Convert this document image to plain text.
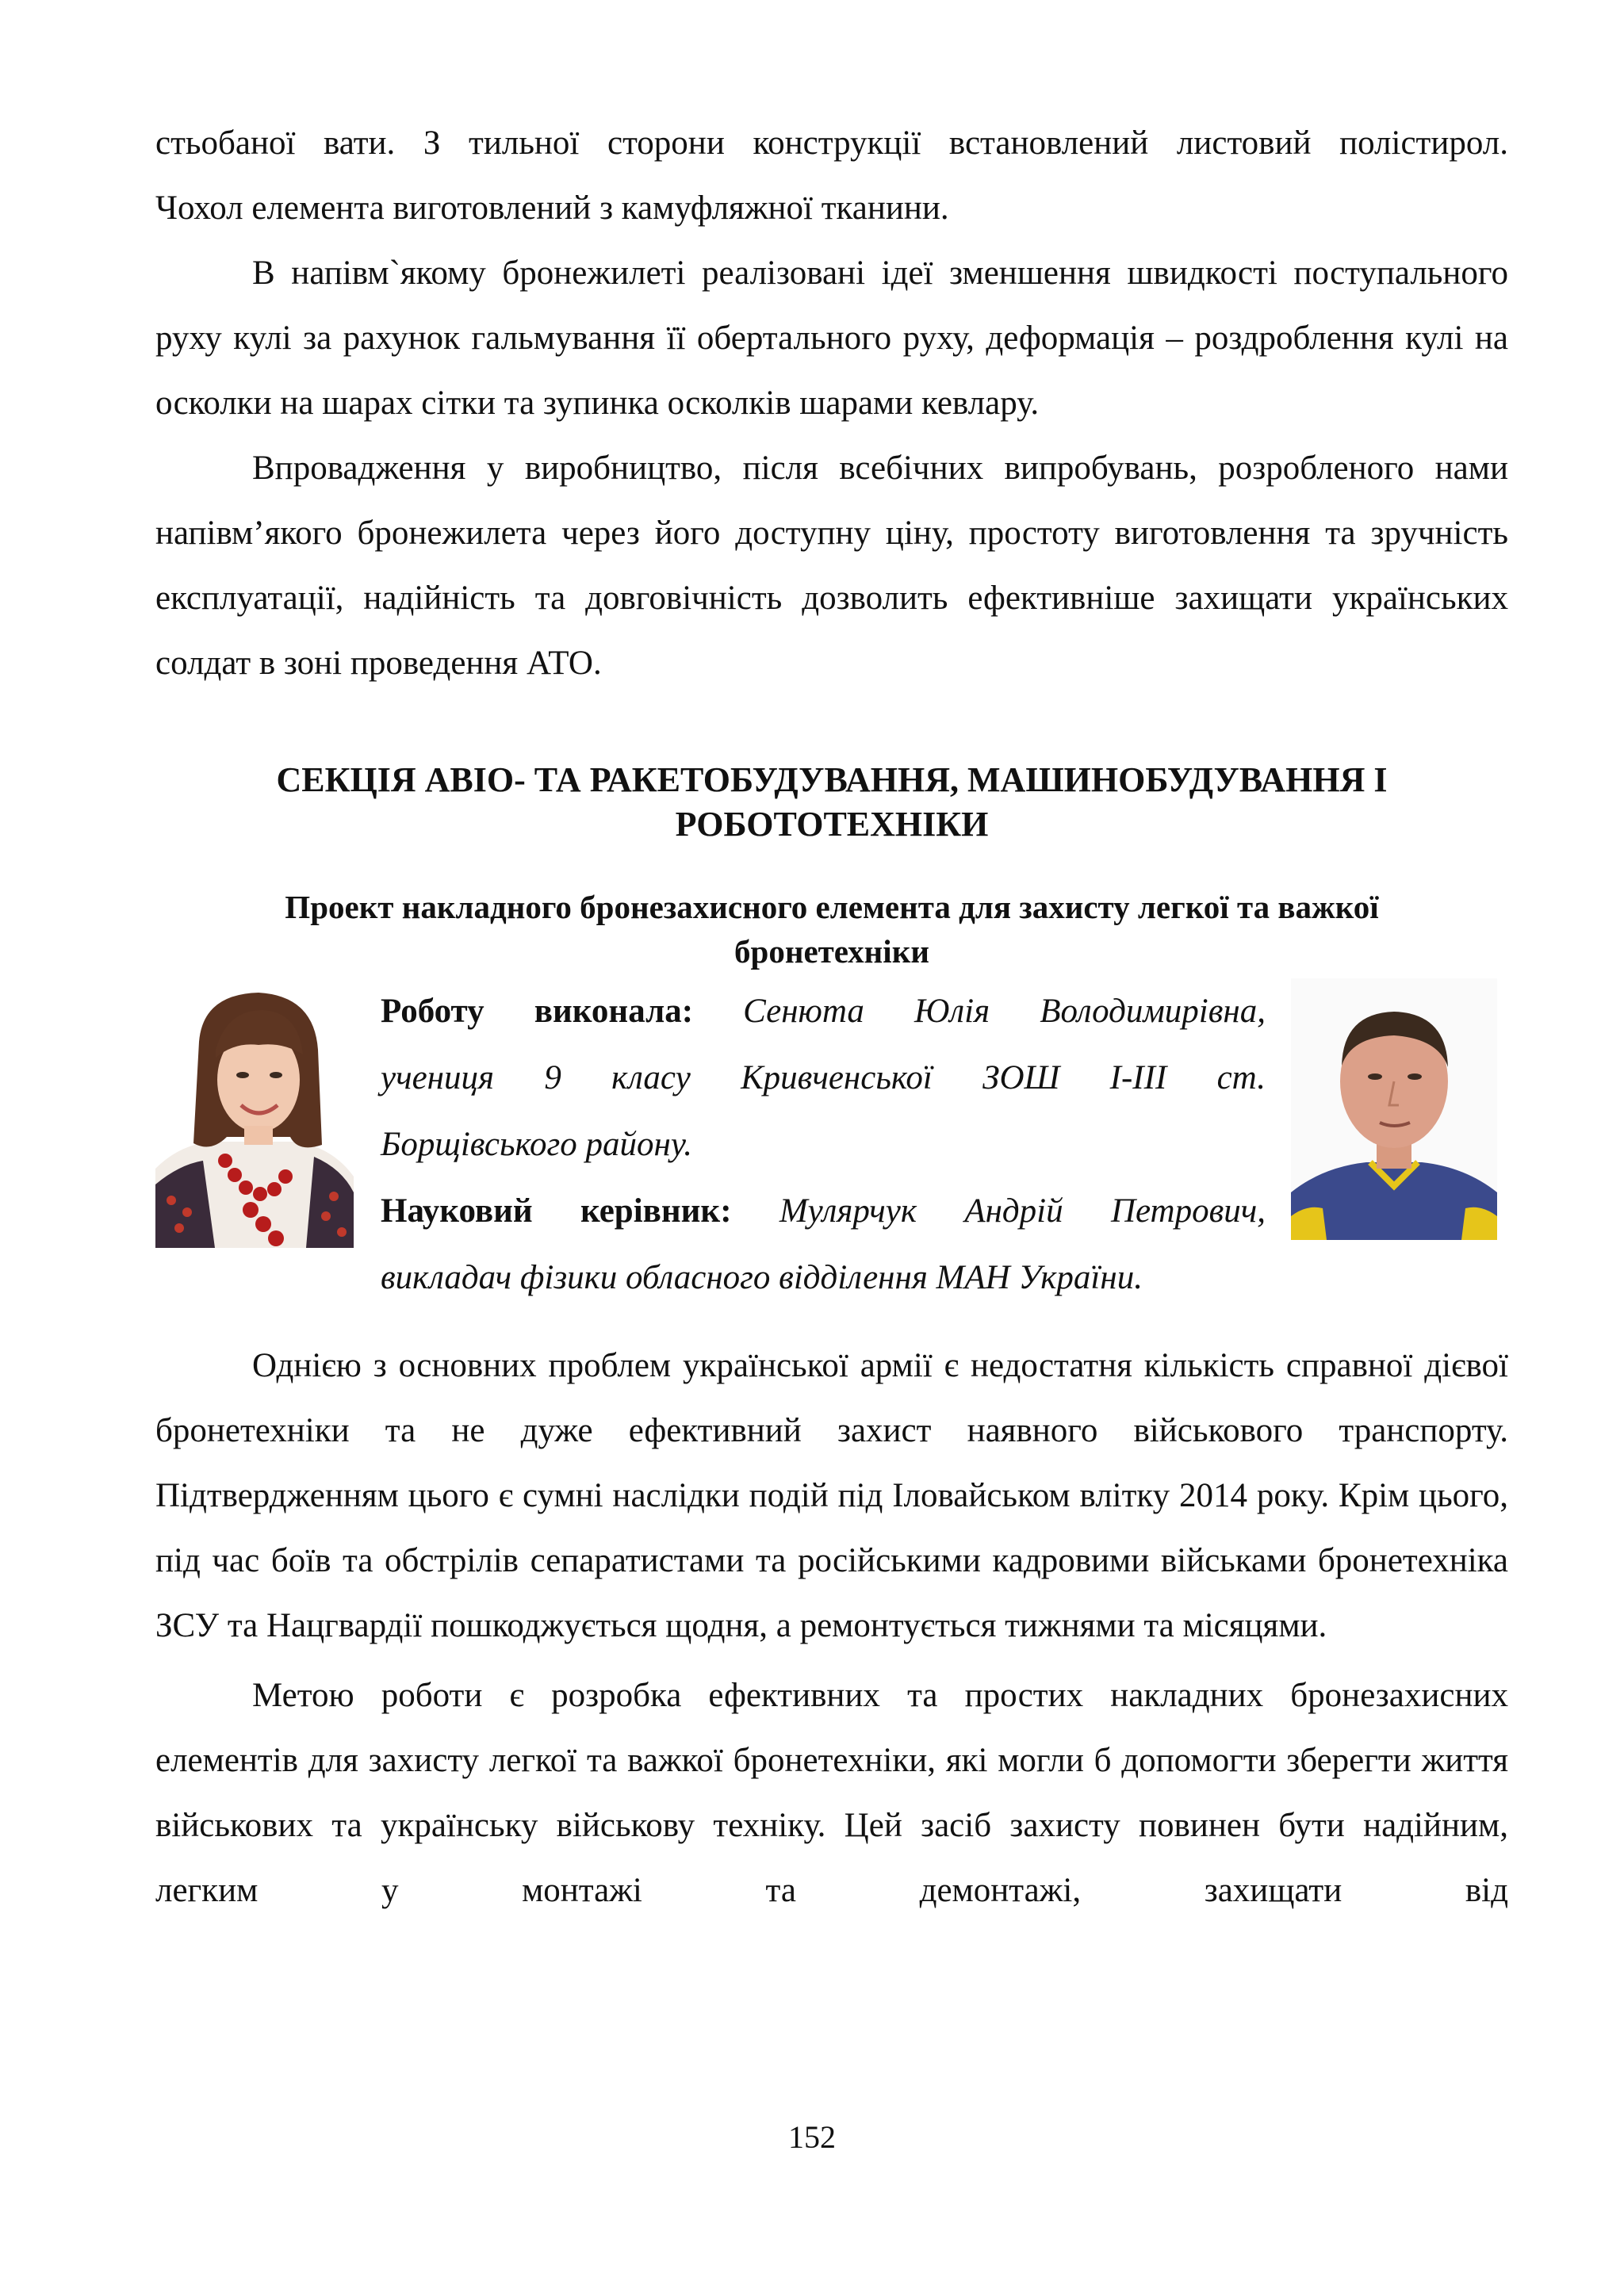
стьобаної вати. З тильної сторони конструкції встановлений листовий полістирол.
Чохол елемента виготовлений з камуфляжної тканини.

В напівм`якому бронежилеті реалізовані ідеї зменшення швидкості поступального руху кулі за рахунок гальмування її обертального руху, деформація – роздроблення кулі на осколки на шарах сітки та зупинка осколків шарами кевлару.

Впровадження у виробництво, після всебічних випробувань, розробленого нами напівм’якого бронежилета через його доступну ціну, простоту виготовлення та зручність експлуатації, надійність та довговічність дозволить ефективніше захищати українських солдат в зоні проведення АТО.

СЕКЦІЯ АВІО- ТА РАКЕТОБУДУВАННЯ, МАШИНОБУДУВАННЯ І
РОБОТОТЕХНІКИ
Проект накладного бронезахисного елемента для захисту легкої та важкої
бронетехніки
Роботу виконала: Сенюта Юлія Володимирівна,
учениця 9 класу Кривченської ЗОШ І-ІІІ ст.
Борщівського району.
Науковий керівник: Мулярчук Андрій Петрович,
викладач фізики обласного відділення МАН України.

Однією з основних проблем української армії є недостатня кількість справної дієвої бронетехніки та не дуже ефективний захист наявного військового транспорту. Підтвердженням цього є сумні наслідки подій під Іловайськом влітку 2014 року. Крім цього, під час боїв та обстрілів сепаратистами та російськими кадровими військами бронетехніка ЗСУ та Нацгвардії пошкоджується щодня, а ремонтується тижнями та місяцями.

Метою роботи є розробка ефективних та простих накладних бронезахисних елементів для захисту легкої та важкої бронетехніки, які могли б допомогти зберегти життя військових та українську військову техніку. Цей засіб захисту повинен бути надійним, легким у монтажі та демонтажі, захищати від

152
